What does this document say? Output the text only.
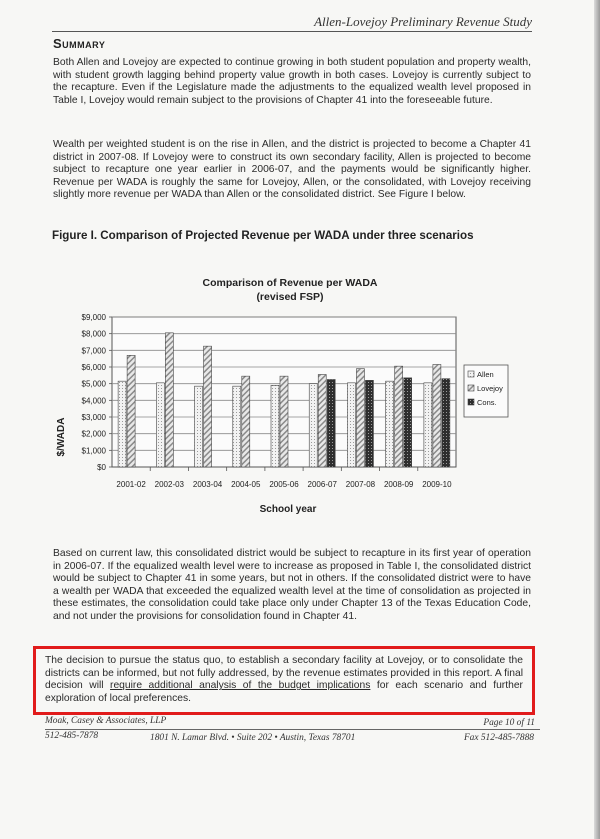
Allen-Lovejoy Preliminary Revenue Study
Summary
Both Allen and Lovejoy are expected to continue growing in both student population and property wealth, with student growth lagging behind property value growth in both cases. Lovejoy is currently subject to the recapture. Even if the Legislature made the adjustments to the equalized wealth level proposed in Table I, Lovejoy would remain subject to the provisions of Chapter 41 into the foreseeable future.
Wealth per weighted student is on the rise in Allen, and the district is projected to become a Chapter 41 district in 2007-08. If Lovejoy were to construct its own secondary facility, Allen is projected to become subject to recapture one year earlier in 2006-07, and the payments would be significantly higher. Revenue per WADA is roughly the same for Lovejoy, Allen, or the consolidated, with Lovejoy receiving slightly more revenue per WADA than Allen or the consolidated district. See Figure I below.
Figure I. Comparison of Projected Revenue per WADA under three scenarios
Comparison of Revenue per WADA
(revised FSP)
$/WADA
School year
$0
$1,000
$2,000
$3,000
$4,000
$5,000
$6,000
$7,000
$8,000
$9,000
2001-02 2002-03 2003-04 2004-05 2005-06 2006-07 2007-08 2008-09 2009-10
Allen
Lovejoy
Cons.
Based on current law, this consolidated district would be subject to recapture in its first year of operation in 2006-07. If the equalized wealth level were to increase as proposed in Table I, the consolidated district would be subject to Chapter 41 in some years, but not in others. If the consolidated district were to have a wealth per WADA that exceeded the equalized wealth level at the time of consolidation as projected in these estimates, the consolidation could take place only under Chapter 13 of the Texas Education Code, and not under the provisions for consolidation found in Chapter 41.
The decision to pursue the status quo, to establish a secondary facility at Lovejoy, or to consolidate the districts can be informed, but not fully addressed, by the revenue estimates provided in this report. A final decision will require additional analysis of the budget implications for each scenario and further exploration of local preferences.
Moak, Casey & Associates, LLP	Page 10 of 11
512-485-7878	1801 N. Lamar Blvd. • Suite 202 • Austin, Texas 78701	Fax 512-485-7888
